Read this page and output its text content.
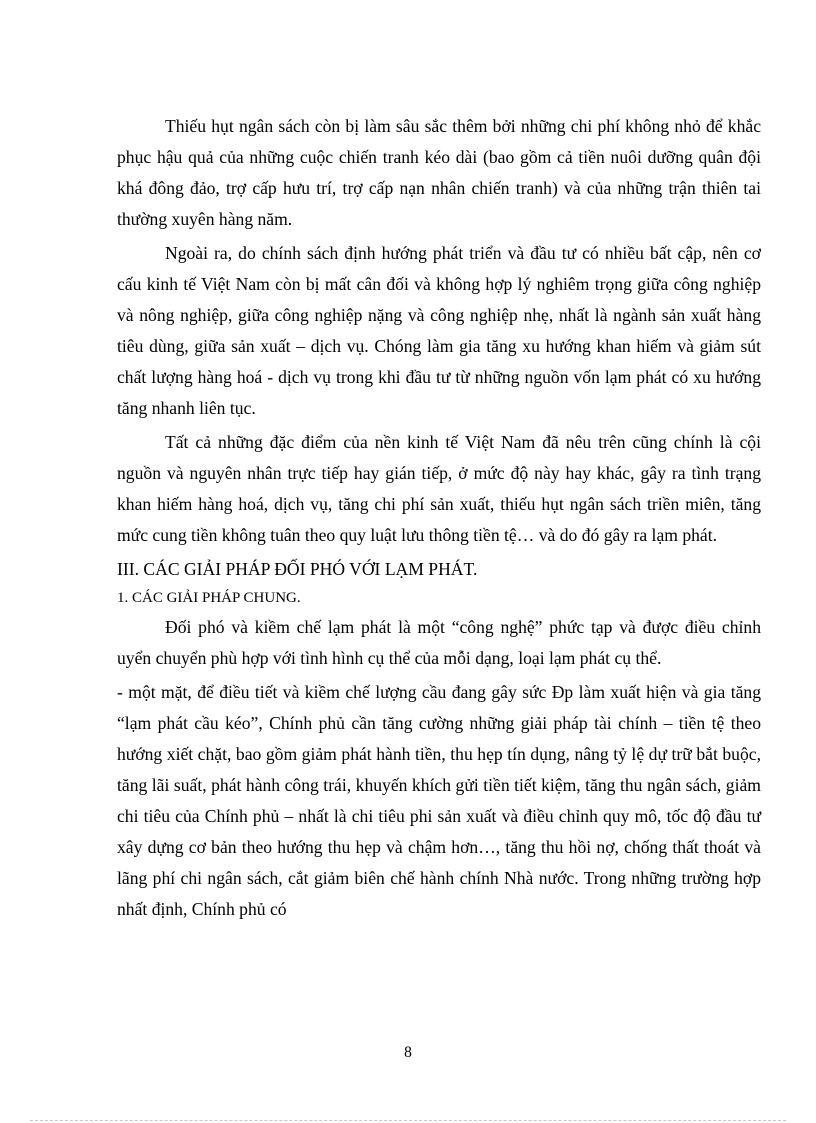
Thiếu hụt ngân sách còn bị làm sâu sắc thêm bởi những chi phí không nhỏ để khắc phục hậu quả của những cuộc chiến tranh kéo dài (bao gồm cả tiền nuôi dưỡng quân đội khá đông đảo, trợ cấp hưu trí, trợ cấp nạn nhân chiến tranh) và của những trận thiên tai thường xuyên hàng năm.

Ngoài ra, do chính sách định hướng phát triển và đầu tư có nhiều bất cập, nên cơ cấu kinh tế Việt Nam còn bị mất cân đối và không hợp lý nghiêm trọng giữa công nghiệp và nông nghiệp, giữa công nghiệp nặng và công nghiệp nhẹ, nhất là ngành sản xuất hàng tiêu dùng, giữa sản xuất – dịch vụ. Chóng làm gia tăng xu hướng khan hiếm và giảm sút chất lượng hàng hoá - dịch vụ trong khi đầu tư từ những nguồn vốn lạm phát có xu hướng tăng nhanh liên tục.

Tất cả những đặc điểm của nền kinh tế Việt Nam đã nêu trên cũng chính là cội nguồn và nguyên nhân trực tiếp hay gián tiếp, ở mức độ này hay khác, gây ra tình trạng khan hiếm hàng hoá, dịch vụ, tăng chi phí sản xuất, thiếu hụt ngân sách triền miên, tăng mức cung tiền không tuân theo quy luật lưu thông tiền tệ… và do đó gây ra lạm phát.

III. CÁC GIẢI PHÁP ĐỐI PHÓ VỚI LẠM PHÁT.

1. CÁC GIẢI PHÁP CHUNG.

Đối phó và kiềm chế lạm phát là một “công nghệ” phức tạp và được điều chỉnh uyển chuyển phù hợp với tình hình cụ thể của mỗi dạng, loại lạm phát cụ thể.

- một mặt, để điều tiết và kiềm chế lượng cầu đang gây sức Đp làm xuất hiện và gia tăng “lạm phát cầu kéo”, Chính phủ cần tăng cường những giải pháp tài chính – tiền tệ theo hướng xiết chặt, bao gồm giảm phát hành tiền, thu hẹp tín dụng, nâng tỷ lệ dự trữ bắt buộc, tăng lãi suất, phát hành công trái, khuyến khích gửi tiền tiết kiệm, tăng thu ngân sách, giảm chi tiêu của Chính phủ – nhất là chi tiêu phi sản xuất và điều chỉnh quy mô, tốc độ đầu tư xây dựng cơ bản theo hướng thu hẹp và chậm hơn…, tăng thu hồi nợ, chống thất thoát và lãng phí chi ngân sách, cắt giảm biên chế hành chính Nhà nước. Trong những trường hợp nhất định, Chính phủ có

8
